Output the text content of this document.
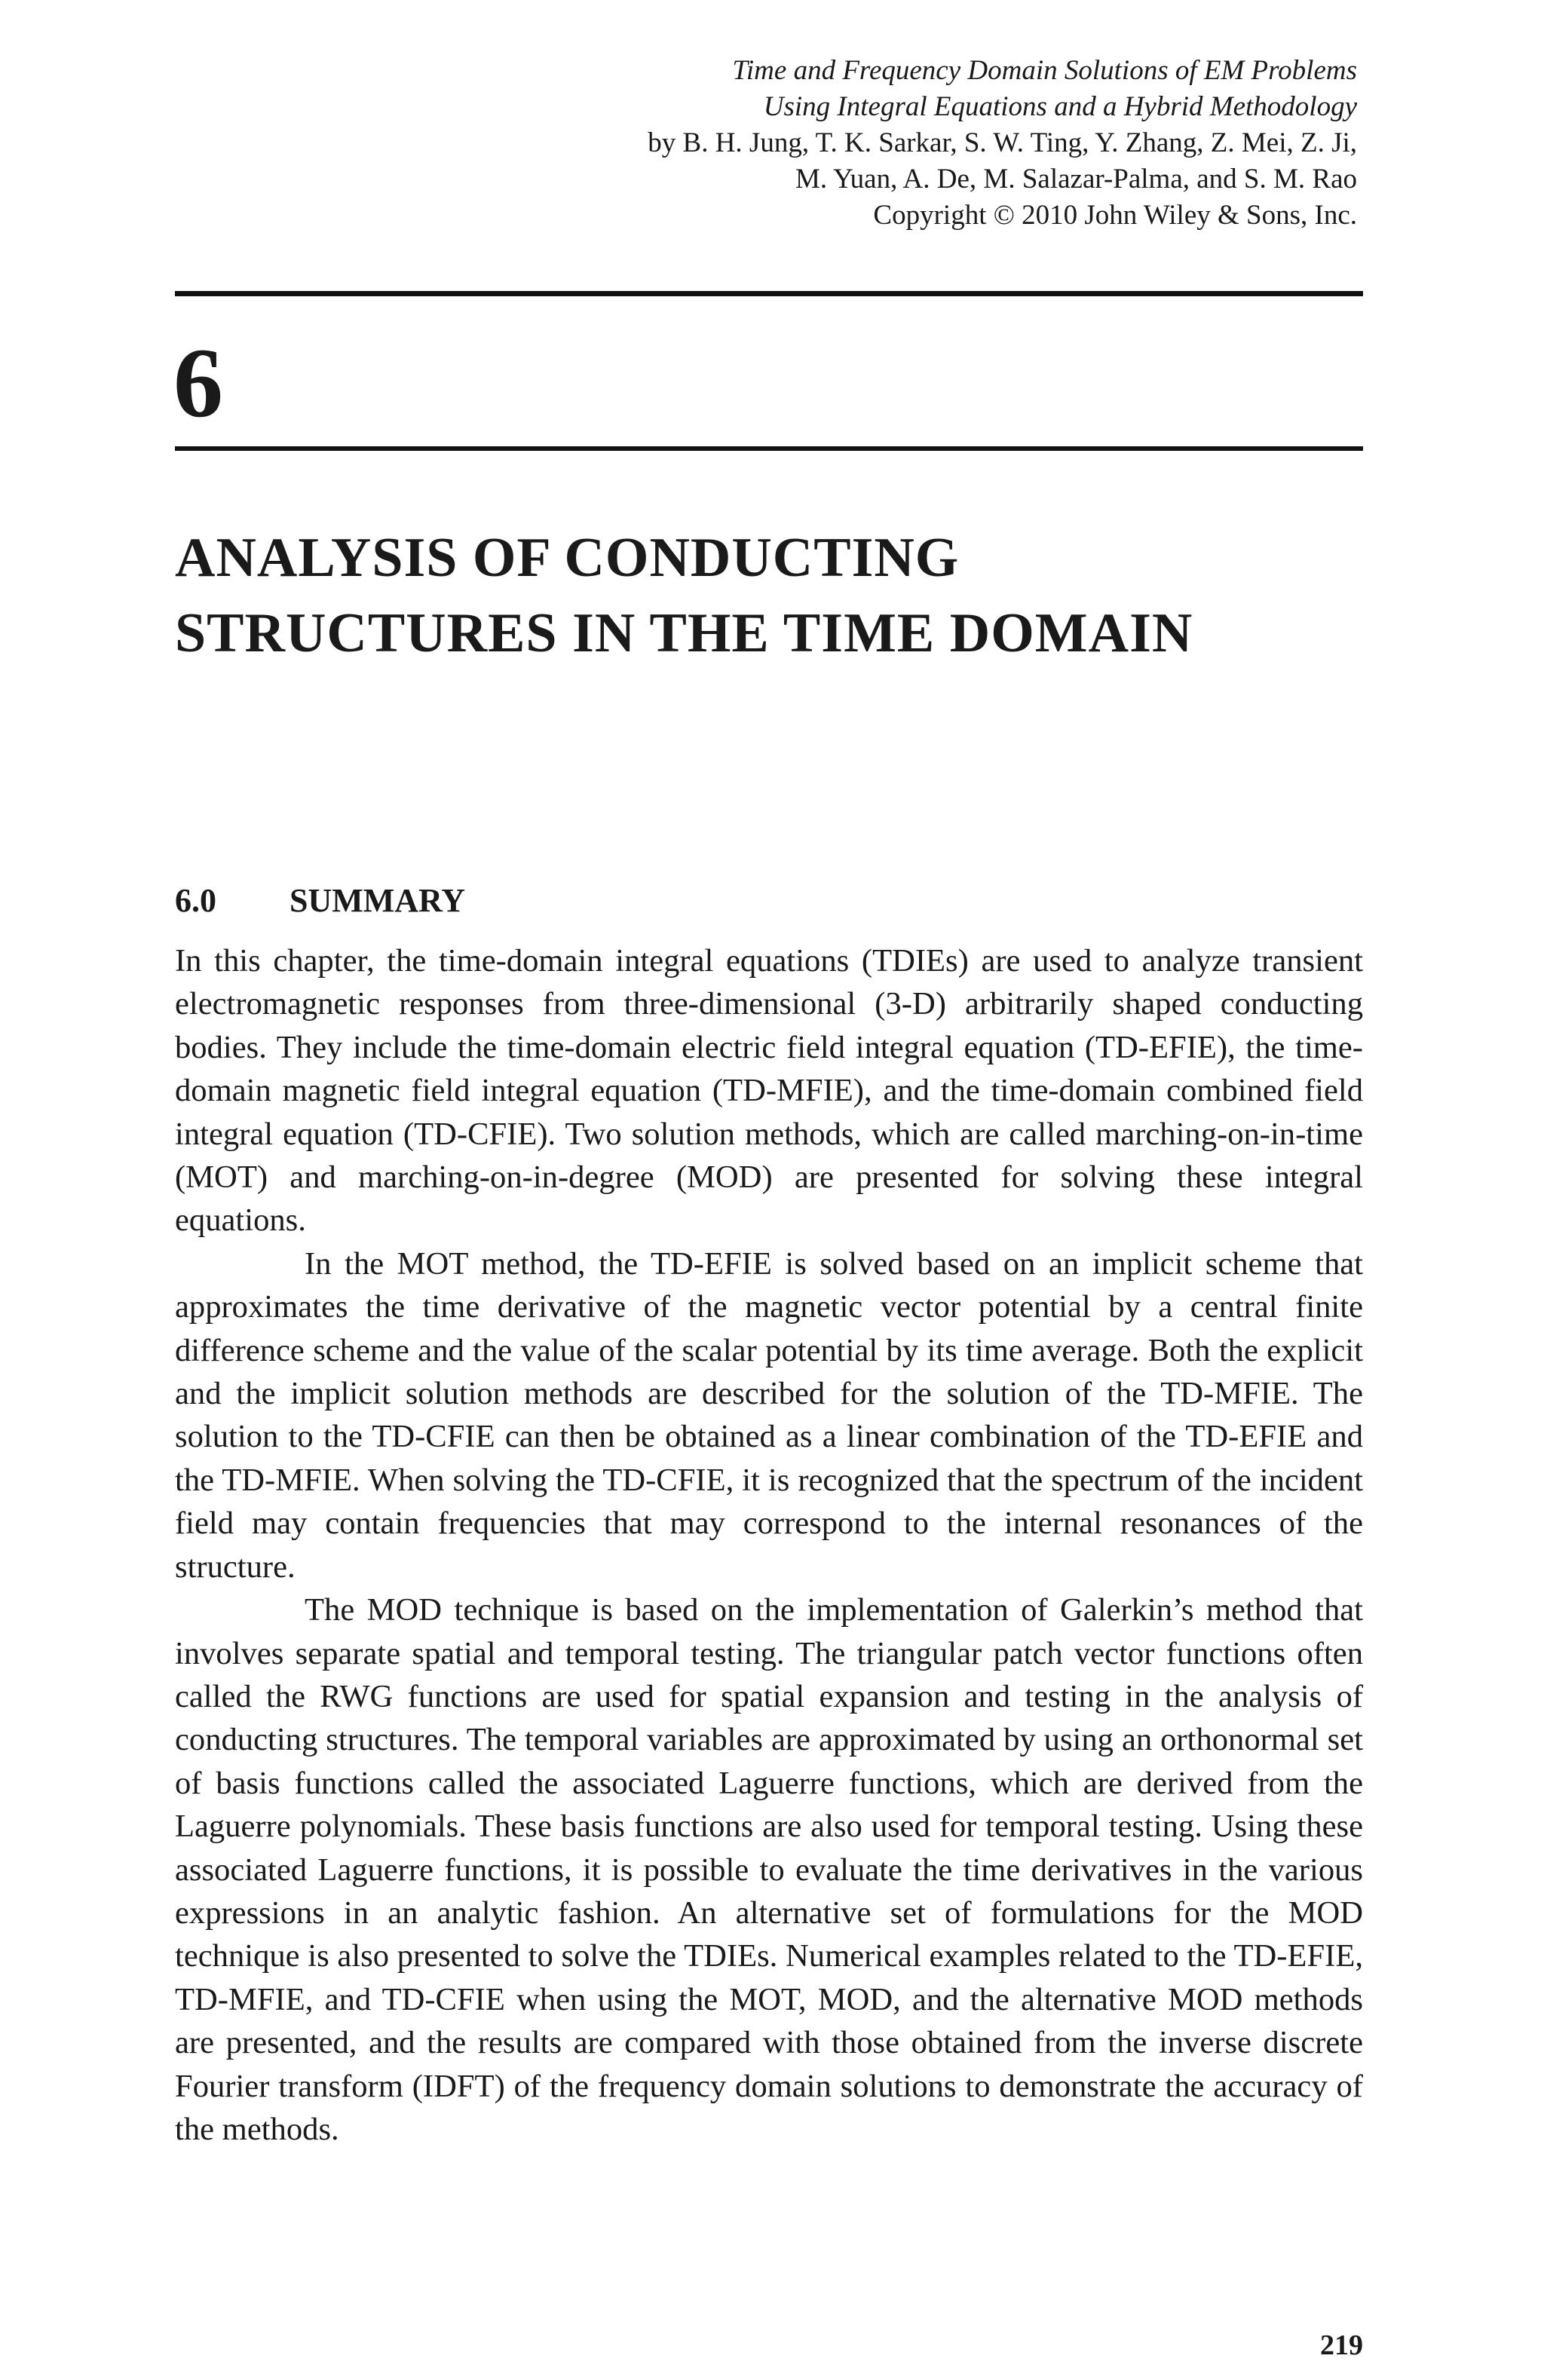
Time and Frequency Domain Solutions of EM Problems
Using Integral Equations and a Hybrid Methodology
by B. H. Jung, T. K. Sarkar, S. W. Ting, Y. Zhang, Z. Mei, Z. Ji,
M. Yuan, A. De, M. Salazar-Palma, and S. M. Rao
Copyright © 2010 John Wiley & Sons, Inc.
6
ANALYSIS OF CONDUCTING
STRUCTURES IN THE TIME DOMAIN
6.0 SUMMARY

In this chapter, the time-domain integral equations (TDIEs) are used to analyze transient electromagnetic responses from three-dimensional (3-D) arbitrarily shaped conducting bodies. They include the time-domain electric field integral equation (TD-EFIE), the time-domain magnetic field integral equation (TD-MFIE), and the time-domain combined field integral equation (TD-CFIE). Two solution methods, which are called marching-on-in-time (MOT) and marching-on-in-degree (MOD) are presented for solving these integral equations.

In the MOT method, the TD-EFIE is solved based on an implicit scheme that approximates the time derivative of the magnetic vector potential by a central finite difference scheme and the value of the scalar potential by its time average. Both the explicit and the implicit solution methods are described for the solution of the TD-MFIE. The solution to the TD-CFIE can then be obtained as a linear combination of the TD-EFIE and the TD-MFIE. When solving the TD-CFIE, it is recognized that the spectrum of the incident field may contain frequencies that may correspond to the internal resonances of the structure.

The MOD technique is based on the implementation of Galerkin’s method that involves separate spatial and temporal testing. The triangular patch vector functions often called the RWG functions are used for spatial expansion and testing in the analysis of conducting structures. The temporal variables are approximated by using an orthonormal set of basis functions called the associated Laguerre functions, which are derived from the Laguerre polynomials. These basis functions are also used for temporal testing. Using these associated Laguerre functions, it is possible to evaluate the time derivatives in the various expressions in an analytic fashion. An alternative set of formulations for the MOD technique is also presented to solve the TDIEs. Numerical examples related to the TD-EFIE, TD-MFIE, and TD-CFIE when using the MOT, MOD, and the alternative MOD methods are presented, and the results are compared with those obtained from the inverse discrete Fourier transform (IDFT) of the frequency domain solutions to demonstrate the accuracy of the methods.

219
